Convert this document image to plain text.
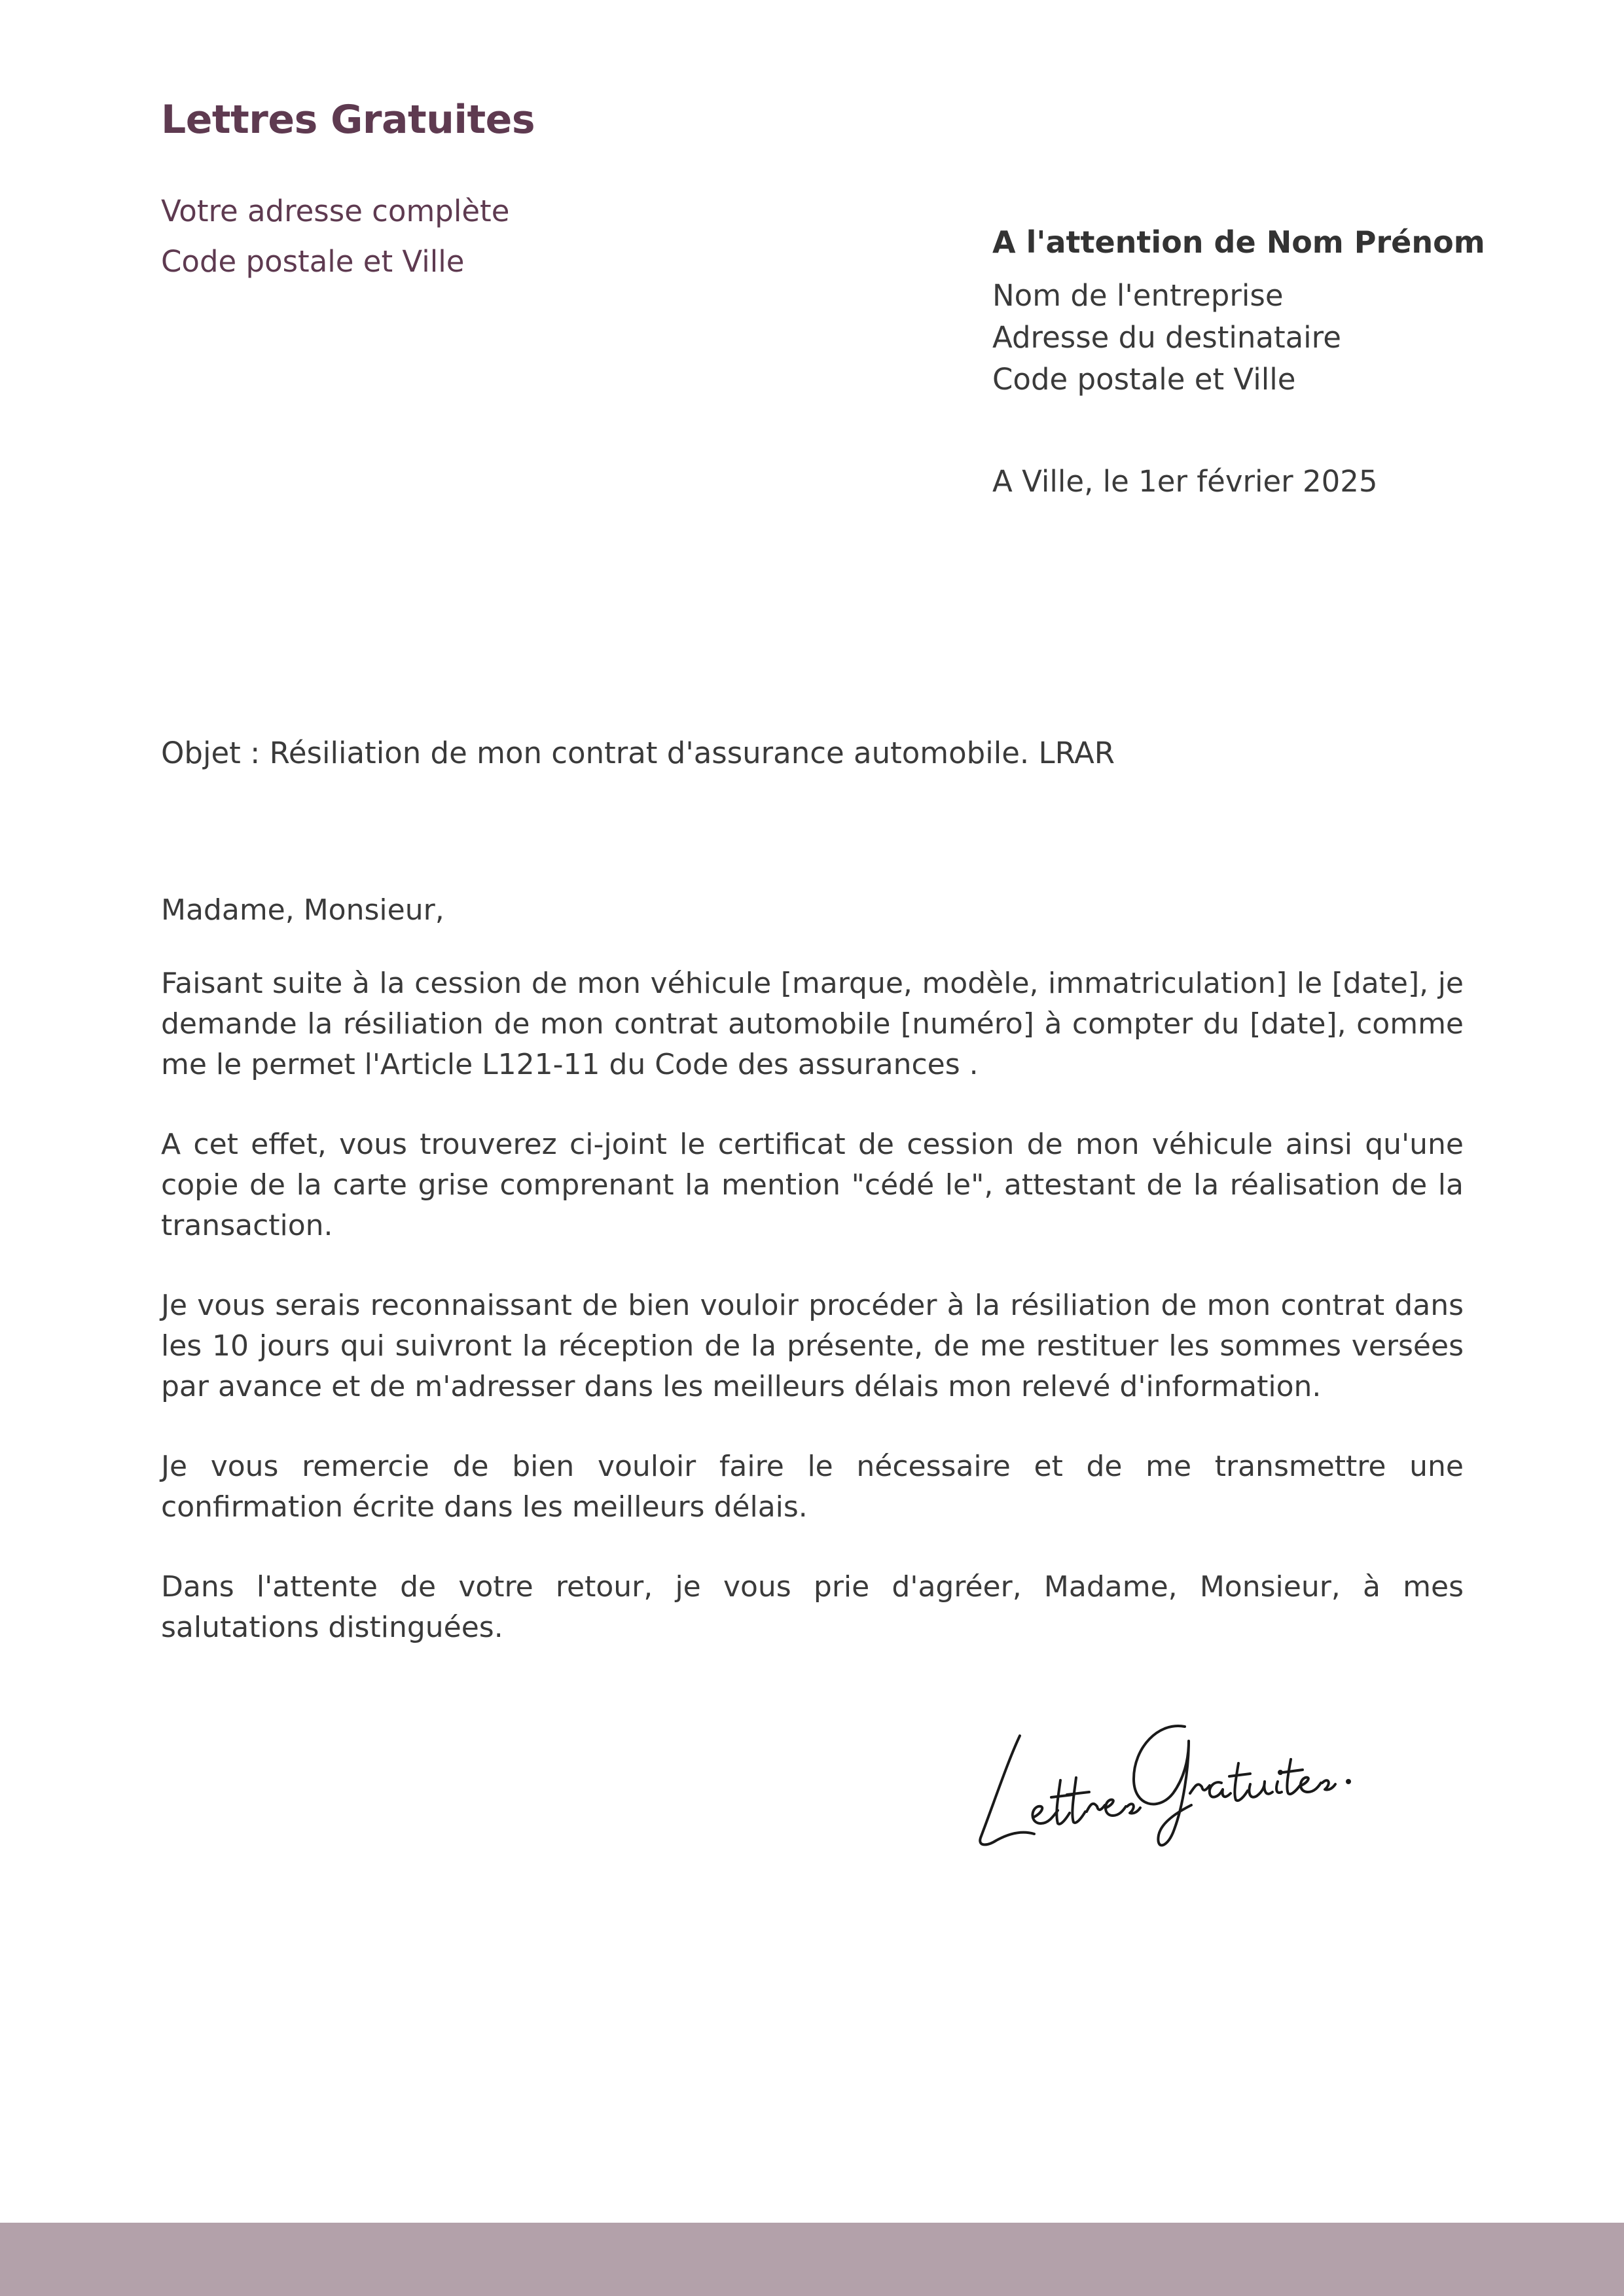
Lettres Gratuites
Votre adresse complète
Code postale et Ville
A l'attention de Nom Prénom
Nom de l'entreprise
Adresse du destinataire
Code postale et Ville
A Ville, le 1er février 2025
Objet : Résiliation de mon contrat d'assurance automobile. LRAR

Madame, Monsieur,

Faisant suite à la cession de mon véhicule [marque, modèle, immatriculation] le [date], je demande la résiliation de mon contrat automobile [numéro] à compter du [date], comme me le permet l'Article L121-11 du Code des assurances .

A cet effet, vous trouverez ci-joint le certificat de cession de mon véhicule ainsi qu'une copie de la carte grise comprenant la mention "cédé le", attestant de la réalisation de la transaction.

Je vous serais reconnaissant de bien vouloir procéder à la résiliation de mon contrat dans les 10 jours qui suivront la réception de la présente, de me restituer les sommes versées par avance et de m'adresser dans les meilleurs délais mon relevé d'information.

Je vous remercie de bien vouloir faire le nécessaire et de me transmettre une confirmation écrite dans les meilleurs délais.

Dans l'attente de votre retour, je vous prie d'agréer, Madame, Monsieur, à mes salutations distinguées.

Lettres Gratuites.
